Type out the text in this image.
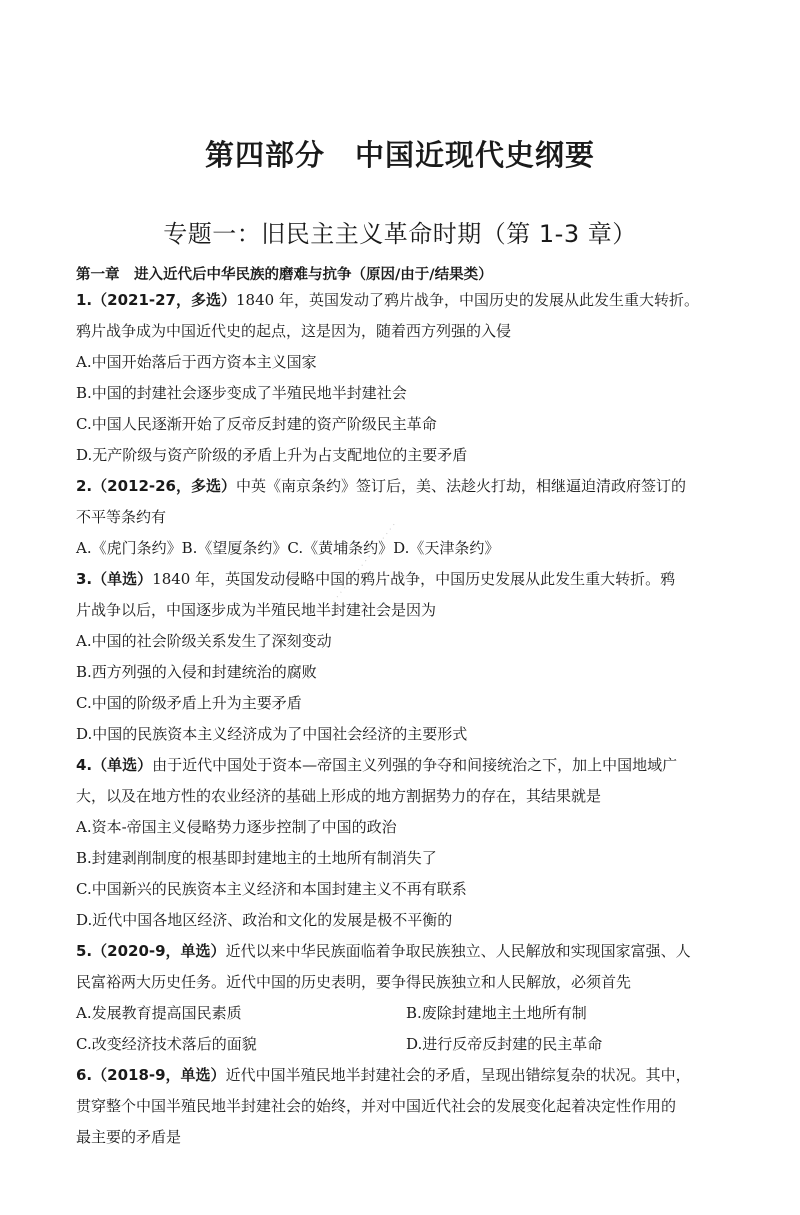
第四部分　中国近现代史纲要
专题一：旧民主主义革命时期（第 1-3 章）
第一章　进入近代后中华民族的磨难与抗争（原因/由于/结果类）
· · · · · · · · · · · · · · · · · ·
1.（2021-27，多选）1840 年，英国发动了鸦片战争，中国历史的发展从此发生重大转折。
鸦片战争成为中国近代史的起点，这是因为，随着西方列强的入侵
A.中国开始落后于西方资本主义国家
B.中国的封建社会逐步变成了半殖民地半封建社会
C.中国人民逐渐开始了反帝反封建的资产阶级民主革命
D.无产阶级与资产阶级的矛盾上升为占支配地位的主要矛盾
2.（2012-26，多选）中英《南京条约》签订后，美、法趁火打劫，相继逼迫清政府签订的
不平等条约有
A.《虎门条约》B.《望厦条约》C.《黄埔条约》D.《天津条约》
3.（单选）1840 年，英国发动侵略中国的鸦片战争，中国历史发展从此发生重大转折。鸦
片战争以后，中国逐步成为半殖民地半封建社会是因为
A.中国的社会阶级关系发生了深刻变动
B.西方列强的入侵和封建统治的腐败
C.中国的阶级矛盾上升为主要矛盾
D.中国的民族资本主义经济成为了中国社会经济的主要形式
4.（单选）由于近代中国处于资本—帝国主义列强的争夺和间接统治之下，加上中国地域广
大，以及在地方性的农业经济的基础上形成的地方割据势力的存在，其结果就是
A.资本-帝国主义侵略势力逐步控制了中国的政治
B.封建剥削制度的根基即封建地主的土地所有制消失了
C.中国新兴的民族资本主义经济和本国封建主义不再有联系
D.近代中国各地区经济、政治和文化的发展是极不平衡的
5.（2020-9，单选）近代以来中华民族面临着争取民族独立、人民解放和实现国家富强、人
民富裕两大历史任务。近代中国的历史表明，要争得民族独立和人民解放，必须首先
A.发展教育提高国民素质	B.废除封建地主土地所有制
C.改变经济技术落后的面貌	D.进行反帝反封建的民主革命
6.（2018-9，单选）近代中国半殖民地半封建社会的矛盾，呈现出错综复杂的状况。其中，
贯穿整个中国半殖民地半封建社会的始终，并对中国近代社会的发展变化起着决定性作用的
最主要的矛盾是
